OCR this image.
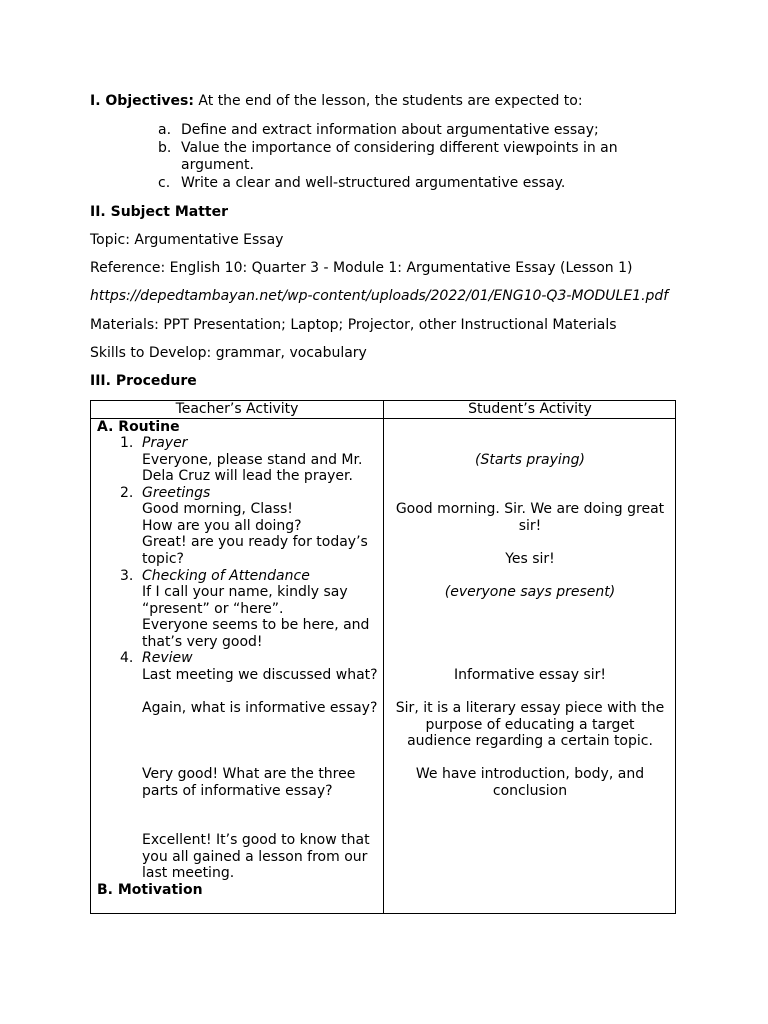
I. Objectives: At the end of the lesson, the students are expected to:
a. Define and extract information about argumentative essay;
b. Value the importance of considering different viewpoints in an
argument.
c. Write a clear and well-structured argumentative essay.
II. Subject Matter
Topic: Argumentative Essay
Reference: English 10: Quarter 3 - Module 1: Argumentative Essay (Lesson 1)
https://depedtambayan.net/wp-content/uploads/2022/01/ENG10-Q3-MODULE1.pdf
Materials: PPT Presentation; Laptop; Projector, other Instructional Materials
Skills to Develop: grammar, vocabulary
III. Procedure
Teacher’s Activity	Student’s Activity
A. Routine
1. Prayer
Everyone, please stand and Mr.
Dela Cruz will lead the prayer.
2. Greetings
Good morning, Class!
How are you all doing?
Great! are you ready for today’s
topic?
3. Checking of Attendance
If I call your name, kindly say
“present” or “here”.
Everyone seems to be here, and
that’s very good!
4. Review
Last meeting we discussed what?
Again, what is informative essay?
Very good! What are the three
parts of informative essay?
Excellent! It’s good to know that
you all gained a lesson from our
last meeting.
B. Motivation
(Starts praying)
Good morning. Sir. We are doing great
sir!
Yes sir!
(everyone says present)
Informative essay sir!
Sir, it is a literary essay piece with the
purpose of educating a target
audience regarding a certain topic.
We have introduction, body, and
conclusion
